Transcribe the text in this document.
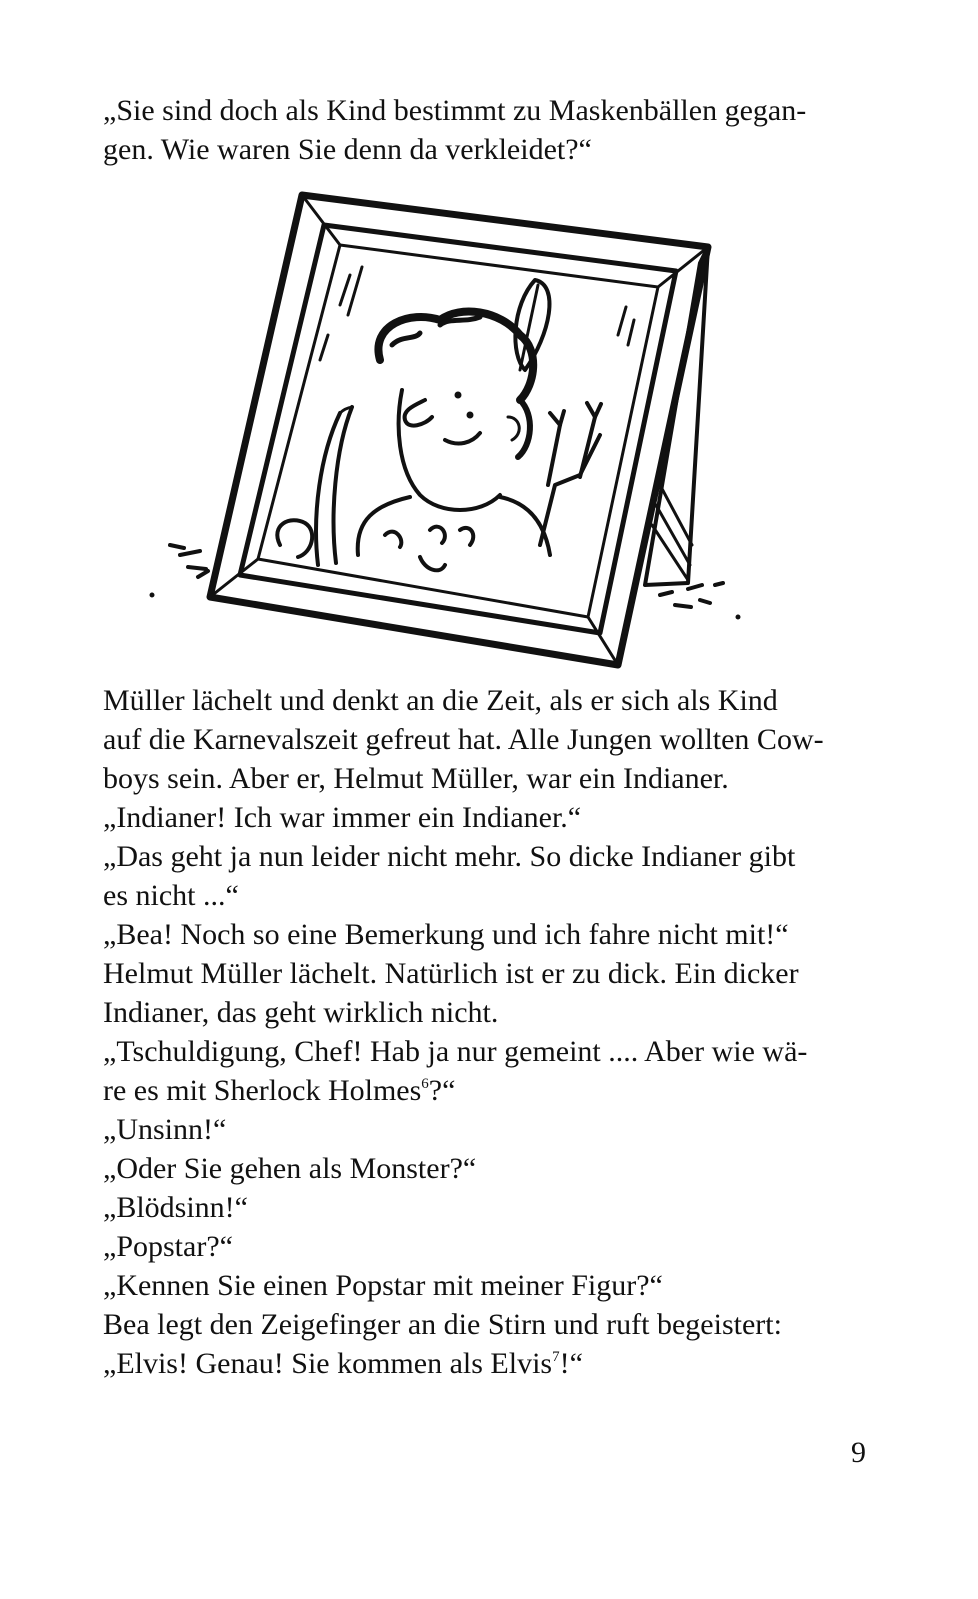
„Sie sind doch als Kind bestimmt zu Maskenbällen gegan-
gen. Wie waren Sie denn da verkleidet?“
Müller lächelt und denkt an die Zeit, als er sich als Kind
auf die Karnevalszeit gefreut hat. Alle Jungen wollten Cow-
boys sein. Aber er, Helmut Müller, war ein Indianer.
„Indianer! Ich war immer ein Indianer.“
„Das geht ja nun leider nicht mehr. So dicke Indianer gibt
es nicht ...“
„Bea! Noch so eine Bemerkung und ich fahre nicht mit!“
Helmut Müller lächelt. Natürlich ist er zu dick. Ein dicker
Indianer, das geht wirklich nicht.
„Tschuldigung, Chef! Hab ja nur gemeint .... Aber wie wä-
re es mit Sherlock Holmes$^6$?“
„Unsinn!“
„Oder Sie gehen als Monster?“
„Blödsinn!“
„Popstar?“
„Kennen Sie einen Popstar mit meiner Figur?“
Bea legt den Zeigefinger an die Stirn und ruft begeistert:
„Elvis! Genau! Sie kommen als Elvis$^7$!“
9
